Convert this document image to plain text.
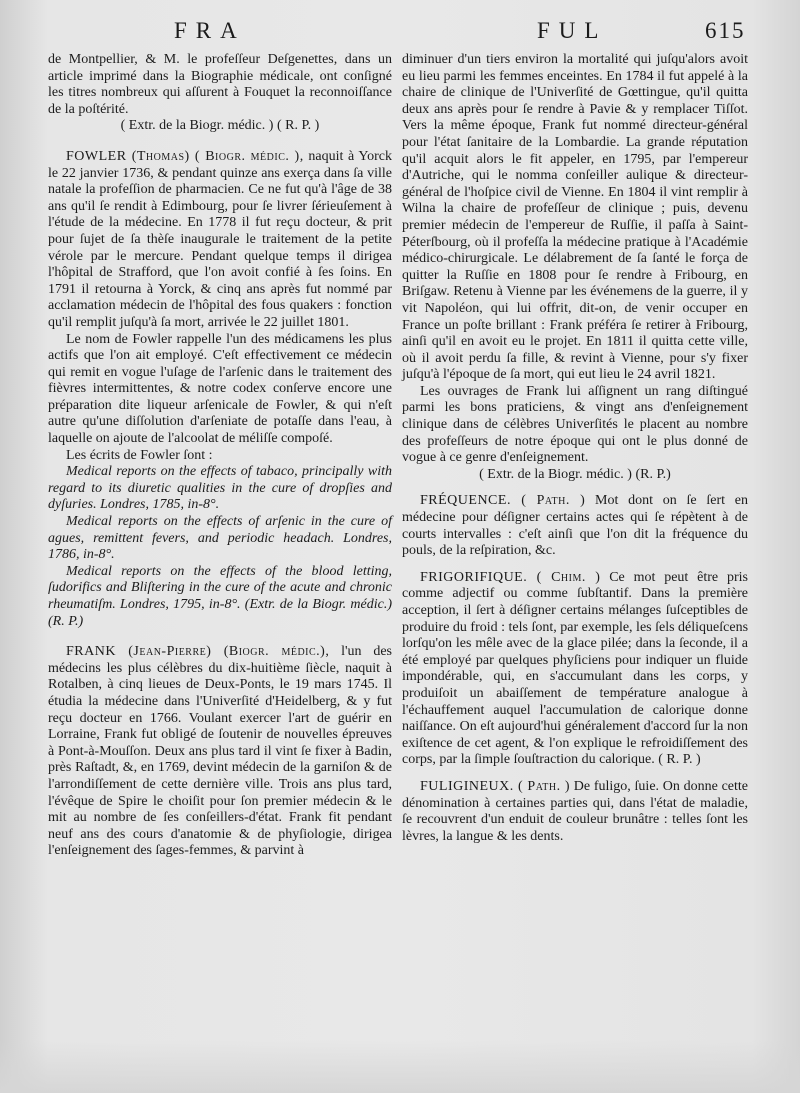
FRA	FUL	615

de Montpellier, & M. le profeſſeur Deſgenettes, dans un article imprimé dans la Biographie médicale, ont conſigné les titres nombreux qui aſſurent à Fouquet la reconnoiſſance de la poſtérité.

( Extr. de la Biogr. médic. ) ( R. P. )

FOWLER (Thomas) ( Biogr. médic. ), naquit à Yorck le 22 janvier 1736, & pendant quinze ans exerça dans ſa ville natale la profeſſion de pharmacien. Ce ne fut qu'à l'âge de 38 ans qu'il ſe rendit à Edimbourg, pour ſe livrer ſérieuſement à l'étude de la médecine. En 1778 il fut reçu docteur, & prit pour ſujet de ſa thèſe inaugurale le traitement de la petite vérole par le mercure. Pendant quelque temps il dirigea l'hôpital de Strafford, que l'on avoit confié à ſes ſoins. En 1791 il retourna à Yorck, & cinq ans après fut nommé par acclamation médecin de l'hôpital des fous quakers : fonction qu'il remplit juſqu'à ſa mort, arrivée le 22 juillet 1801.

Le nom de Fowler rappelle l'un des médicamens les plus actifs que l'on ait employé. C'eſt effectivement ce médecin qui remit en vogue l'uſage de l'arſenic dans le traitement des fièvres intermittentes, & notre codex conſerve encore une préparation dite liqueur arſenicale de Fowler, & qui n'eſt autre qu'une diſſolution d'arſeniate de potaſſe dans l'eau, à laquelle on ajoute de l'alcoolat de méliſſe compoſé.

Les écrits de Fowler ſont :

Medical reports on the effects of tabaco, principally with regard to its diuretic qualities in the cure of dropſies and dyſuries. Londres, 1785, in-8°.

Medical reports on the effects of arſenic in the cure of agues, remittent fevers, and periodic headach. Londres, 1786, in-8°.

Medical reports on the effects of the blood letting, ſudorifics and Bliſtering in the cure of the acute and chronic rheumatiſm. Londres, 1795, in-8°. (Extr. de la Biogr. médic.) (R. P.)

FRANK (Jean-Pierre) (Biogr. médic.), l'un des médecins les plus célèbres du dix-huitième ſiècle, naquit à Rotalben, à cinq lieues de Deux-Ponts, le 19 mars 1745. Il étudia la médecine dans l'Univerſité d'Heidelberg, & y fut reçu docteur en 1766. Voulant exercer l'art de guérir en Lorraine, Frank fut obligé de ſoutenir de nouvelles épreuves à Pont-à-Mouſſon. Deux ans plus tard il vint ſe fixer à Badin, près Raſtadt, &, en 1769, devint médecin de la garniſon & de l'arrondiſſement de cette dernière ville. Trois ans plus tard, l'évêque de Spire le choiſit pour ſon premier médecin & le mit au nombre de ſes conſeillers-d'état. Frank fit pendant neuf ans des cours d'anatomie & de phyſiologie, dirigea l'enſeignement des ſages-femmes, & parvint à

diminuer d'un tiers environ la mortalité qui juſqu'alors avoit eu lieu parmi les femmes enceintes. En 1784 il fut appelé à la chaire de clinique de l'Univerſité de Gœttingue, qu'il quitta deux ans après pour ſe rendre à Pavie & y remplacer Tiſſot. Vers la même époque, Frank fut nommé directeur-général pour l'état ſanitaire de la Lombardie. La grande réputation qu'il acquit alors le fit appeler, en 1795, par l'empereur d'Autriche, qui le nomma conſeiller aulique & directeur-général de l'hoſpice civil de Vienne. En 1804 il vint remplir à Wilna la chaire de profeſſeur de clinique ; puis, devenu premier médecin de l'empereur de Ruſſie, il paſſa à Saint-Péterſbourg, où il profeſſa la médecine pratique à l'Académie médico-chirurgicale. Le délabrement de ſa ſanté le força de quitter la Ruſſie en 1808 pour ſe rendre à Fribourg, en Briſgaw. Retenu à Vienne par les événemens de la guerre, il y vit Napoléon, qui lui offrit, dit-on, de venir occuper en France un poſte brillant : Frank préféra ſe retirer à Fribourg, ainſi qu'il en avoit eu le projet. En 1811 il quitta cette ville, où il avoit perdu ſa fille, & revint à Vienne, pour s'y fixer juſqu'à l'époque de ſa mort, qui eut lieu le 24 avril 1821.

Les ouvrages de Frank lui aſſignent un rang diſtingué parmi les bons praticiens, & vingt ans d'enſeignement clinique dans de célèbres Univerſités le placent au nombre des profeſſeurs de notre époque qui ont le plus donné de vogue à ce genre d'enſeignement.

( Extr. de la Biogr. médic. ) (R. P.)

FRÉQUENCE. ( Path. ) Mot dont on ſe ſert en médecine pour déſigner certains actes qui ſe répètent à de courts intervalles : c'eſt ainſi que l'on dit la fréquence du pouls, de la reſpiration, &c.

FRIGORIFIQUE. ( Chim. ) Ce mot peut être pris comme adjectif ou comme ſubſtantif. Dans la première acception, il ſert à déſigner certains mélanges ſuſceptibles de produire du froid : tels ſont, par exemple, les ſels déliqueſcens lorſqu'on les mêle avec de la glace pilée; dans la ſeconde, il a été employé par quelques phyſiciens pour indiquer un fluide impondérable, qui, en s'accumulant dans les corps, y produiſoit un abaiſſement de température analogue à l'échauffement auquel l'accumulation de calorique donne naiſſance. On eſt aujourd'hui généralement d'accord ſur la non exiſtence de cet agent, & l'on explique le refroidiſſement des corps, par la ſimple ſouſtraction du calorique. ( R. P. )

FULIGINEUX. ( Path. ) De fuligo, ſuie. On donne cette dénomination à certaines parties qui, dans l'état de maladie, ſe recouvrent d'un enduit de couleur brunâtre : telles ſont les lèvres, la langue & les dents.
